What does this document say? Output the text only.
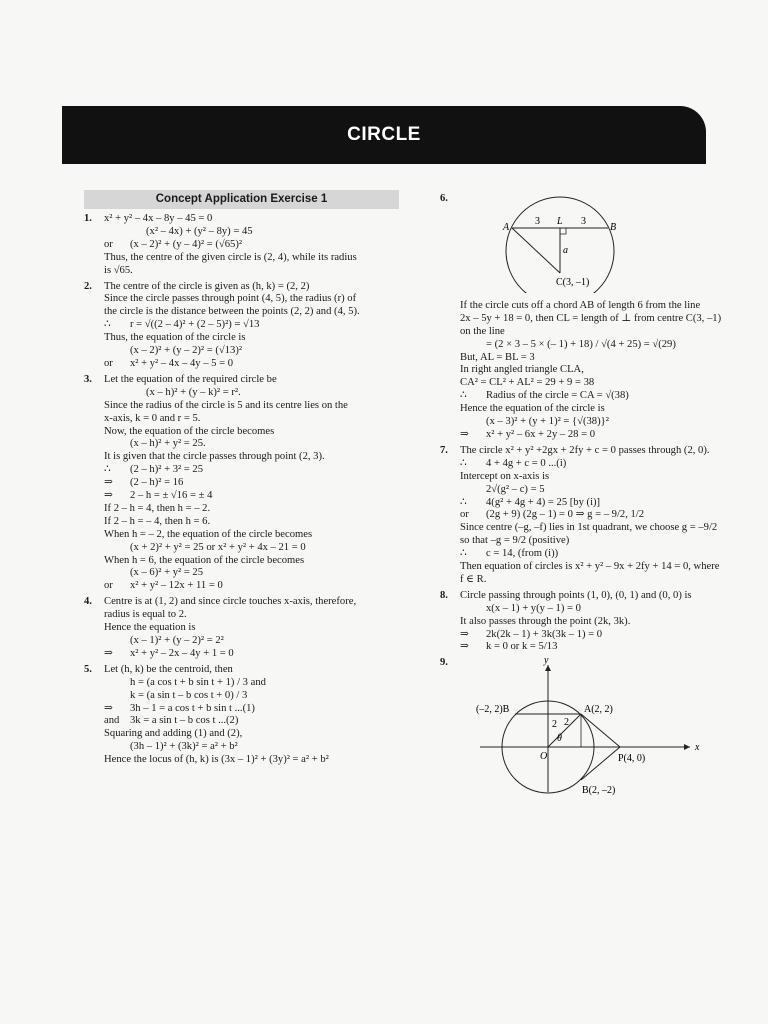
CIRCLE
Concept Application Exercise 1
1. x² + y² – 4x – 8y – 45 = 0
(x² – 4x) + (y² – 8y) = 45
or (x – 2)² + (y – 4)² = (√65)²
Thus, the centre of the given circle is (2, 4), while its radius
is √65.
2. The centre of the circle is given as (h, k) = (2, 2)
Since the circle passes through point (4, 5), the radius (r) of
the circle is the distance between the points (2, 2) and (4, 5).
∴ r = √((2 – 4)² + (2 – 5)²) = √13
Thus, the equation of the circle is
(x – 2)² + (y – 2)² = (√13)²
or x² + y² – 4x – 4y – 5 = 0
3. Let the equation of the required circle be
(x – h)² + (y – k)² = r².
Since the radius of the circle is 5 and its centre lies on the
x-axis, k = 0 and r = 5.
Now, the equation of the circle becomes
(x – h)² + y² = 25.
It is given that the circle passes through point (2, 3).
∴ (2 – h)² + 3² = 25
⇒ (2 – h)² = 16
⇒ 2 – h = ± √16 = ± 4
If 2 – h = 4, then h = – 2.
If 2 – h = – 4, then h = 6.
When h = – 2, the equation of the circle becomes
(x + 2)² + y² = 25 or x² + y² + 4x – 21 = 0
When h = 6, the equation of the circle becomes
(x – 6)² + y² = 25
or x² + y² – 12x + 11 = 0
4. Centre is at (1, 2) and since circle touches x-axis, therefore,
radius is equal to 2.
Hence the equation is
(x – 1)² + (y – 2)² = 2²
⇒ x² + y² – 2x – 4y + 1 = 0
5. Let (h, k) be the centroid, then
h = (a cos t + b sin t + 1) / 3 and
k = (a sin t – b cos t + 0) / 3
⇒ 3h – 1 = a cos t + b sin t ...(1)
and 3k = a sin t – b cos t ...(2)
Squaring and adding (1) and (2),
(3h – 1)² + (3k)² = a² + b²
Hence the locus of (h, k) is (3x – 1)² + (3y)² = a² + b²
6.
A	B
L
3	3
a
C(3, –1)
If the circle cuts off a chord AB of length 6 from the line
2x – 5y + 18 = 0, then CL = length of ⊥ from centre C(3, –1)
on the line
= (2 × 3 – 5 × (– 1) + 18) / √(4 + 25) = √(29)
But, AL = BL = 3
In right angled triangle CLA,
CA² = CL² + AL² = 29 + 9 = 38
∴ Radius of the circle = CA = √(38)
Hence the equation of the circle is
(x – 3)² + (y + 1)² = {√(38)}²
⇒ x² + y² – 6x + 2y – 28 = 0
7. The circle x² + y² +2gx + 2fy + c = 0 passes through (2, 0).
∴ 4 + 4g + c = 0 ...(i)
Intercept on x-axis is
2√(g² – c) = 5
∴ 4(g² + 4g + 4) = 25 [by (i)]
or (2g + 9) (2g – 1) = 0 ⇒ g = – 9/2, 1/2
Since centre (–g, –f) lies in 1st quadrant, we choose g = –9/2
so that –g = 9/2 (positive)
∴ c = 14, (from (i))
Then equation of circles is x² + y² – 9x + 2fy + 14 = 0, where
f ∈ R.
8. Circle passing through points (1, 0), (0, 1) and (0, 0) is
x(x – 1) + y(y – 1) = 0
It also passes through the point (2k, 3k).
⇒ 2k(2k – 1) + 3k(3k – 1) = 0
⇒ k = 0 or k = 5/13
9.	y
x
(–2, 2)B	A(2, 2)
O	P(4, 0)
B(2, –2)
2
θ
2
